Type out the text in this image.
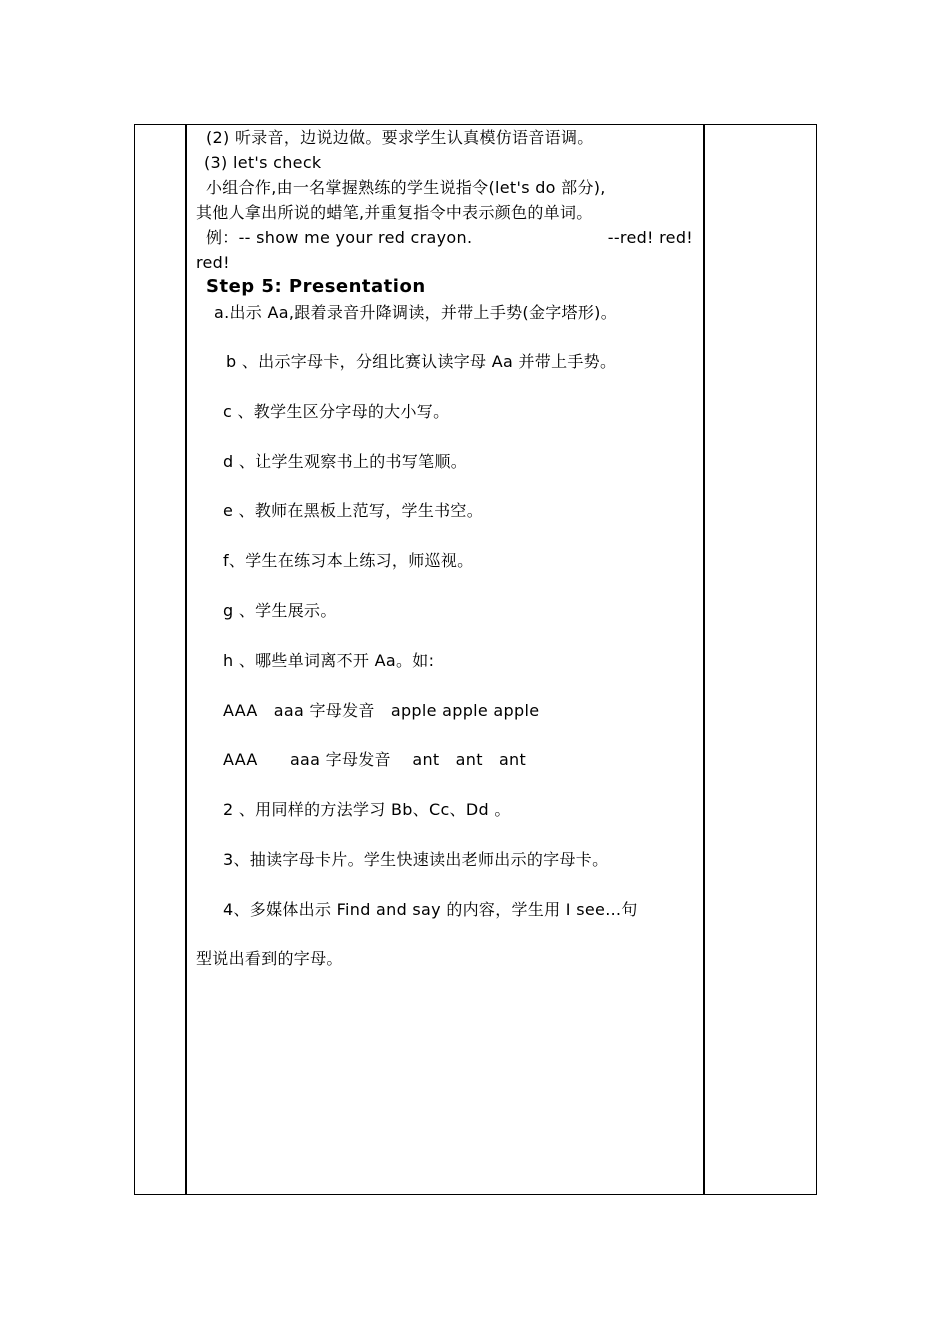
(2) 听录音，边说边做。要求学生认真模仿语音语调。
(3) let's check
小组合作,由一名掌握熟练的学生说指令(let's do 部分),
其他人拿出所说的蜡笔,并重复指令中表示颜色的单词。
例：-- show me your red crayon.	--red! red!
red!
Step 5: Presentation
a.出示 Aa,跟着录音升降调读，并带上手势(金字塔形)。
b 、出示字母卡，分组比赛认读字母 Aa 并带上手势。
c 、教学生区分字母的大小写。
d 、让学生观察书上的书写笔顺。
e 、教师在黑板上范写，学生书空。
f、学生在练习本上练习，师巡视。
g 、学生展示。
h 、哪些单词离不开 Aa。如:
AAA   aaa 字母发音   apple apple apple
AAA      aaa 字母发音    ant   ant   ant
2 、用同样的方法学习 Bb、Cc、Dd 。
3、抽读字母卡片。学生快速读出老师出示的字母卡。
4、多媒体出示 Find and say 的内容，学生用 I see…句
型说出看到的字母。
